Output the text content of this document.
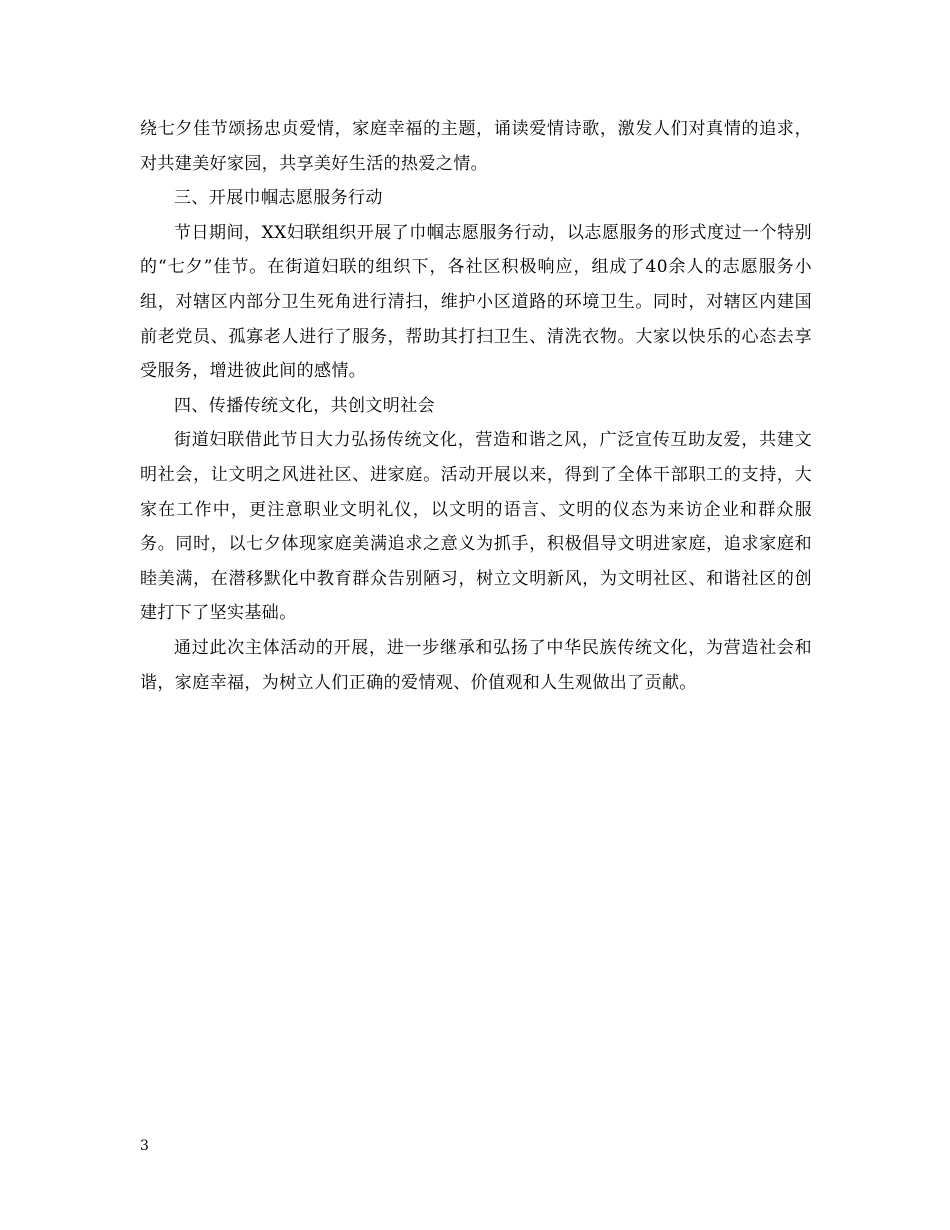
绕七夕佳节颂扬忠贞爱情，家庭幸福的主题，诵读爱情诗歌，激发人们对真情的追求，对共建美好家园，共享美好生活的热爱之情。

三、开展巾帼志愿服务行动

节日期间，XX妇联组织开展了巾帼志愿服务行动，以志愿服务的形式度过一个特别的“七夕”佳节。在街道妇联的组织下，各社区积极响应，组成了40余人的志愿服务小组，对辖区内部分卫生死角进行清扫，维护小区道路的环境卫生。同时，对辖区内建国前老党员、孤寡老人进行了服务，帮助其打扫卫生、清洗衣物。大家以快乐的心态去享受服务，增进彼此间的感情。

四、传播传统文化，共创文明社会

街道妇联借此节日大力弘扬传统文化，营造和谐之风，广泛宣传互助友爱，共建文明社会，让文明之风进社区、进家庭。活动开展以来，得到了全体干部职工的支持，大家在工作中，更注意职业文明礼仪，以文明的语言、文明的仪态为来访企业和群众服务。同时，以七夕体现家庭美满追求之意义为抓手，积极倡导文明进家庭，追求家庭和睦美满，在潜移默化中教育群众告别陋习，树立文明新风，为文明社区、和谐社区的创建打下了坚实基础。

通过此次主体活动的开展，进一步继承和弘扬了中华民族传统文化，为营造社会和谐，家庭幸福，为树立人们正确的爱情观、价值观和人生观做出了贡献。

3
